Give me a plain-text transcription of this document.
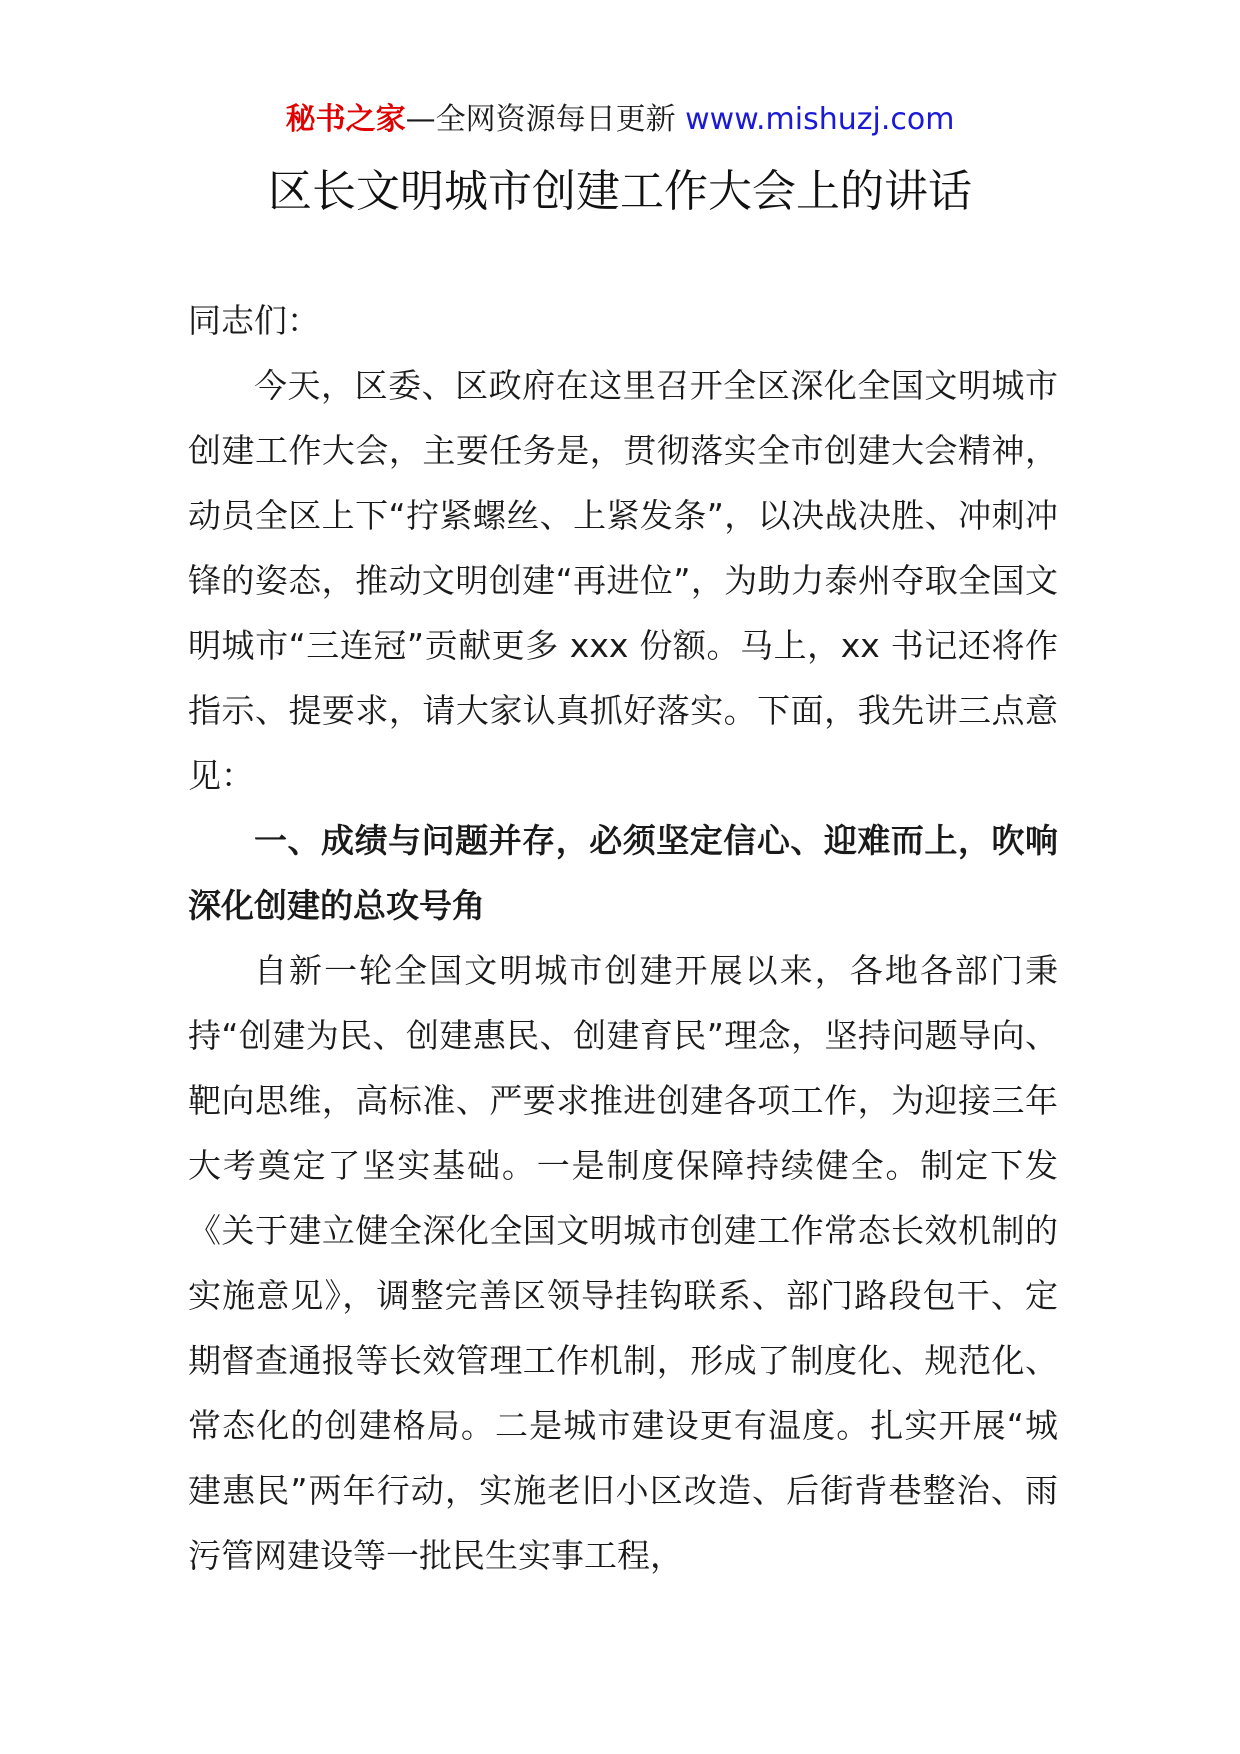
秘书之家—全网资源每日更新 www.mishuzj.com
区长文明城市创建工作大会上的讲话

同志们：

今天，区委、区政府在这里召开全区深化全国文明城市创建工作大会，主要任务是，贯彻落实全市创建大会精神，动员全区上下“拧紧螺丝、上紧发条”，以决战决胜、冲刺冲锋的姿态，推动文明创建“再进位”，为助力泰州夺取全国文明城市“三连冠”贡献更多 xxx 份额。马上，xx 书记还将作指示、提要求，请大家认真抓好落实。下面，我先讲三点意见：

一、成绩与问题并存，必须坚定信心、迎难而上，吹响深化创建的总攻号角

自新一轮全国文明城市创建开展以来，各地各部门秉持“创建为民、创建惠民、创建育民”理念，坚持问题导向、靶向思维，高标准、严要求推进创建各项工作，为迎接三年大考奠定了坚实基础。一是制度保障持续健全。制定下发《关于建立健全深化全国文明城市创建工作常态长效机制的实施意见》，调整完善区领导挂钩联系、部门路段包干、定期督查通报等长效管理工作机制，形成了制度化、规范化、常态化的创建格局。二是城市建设更有温度。扎实开展“城建惠民”两年行动，实施老旧小区改造、后街背巷整治、雨污管网建设等一批民生实事工程，
